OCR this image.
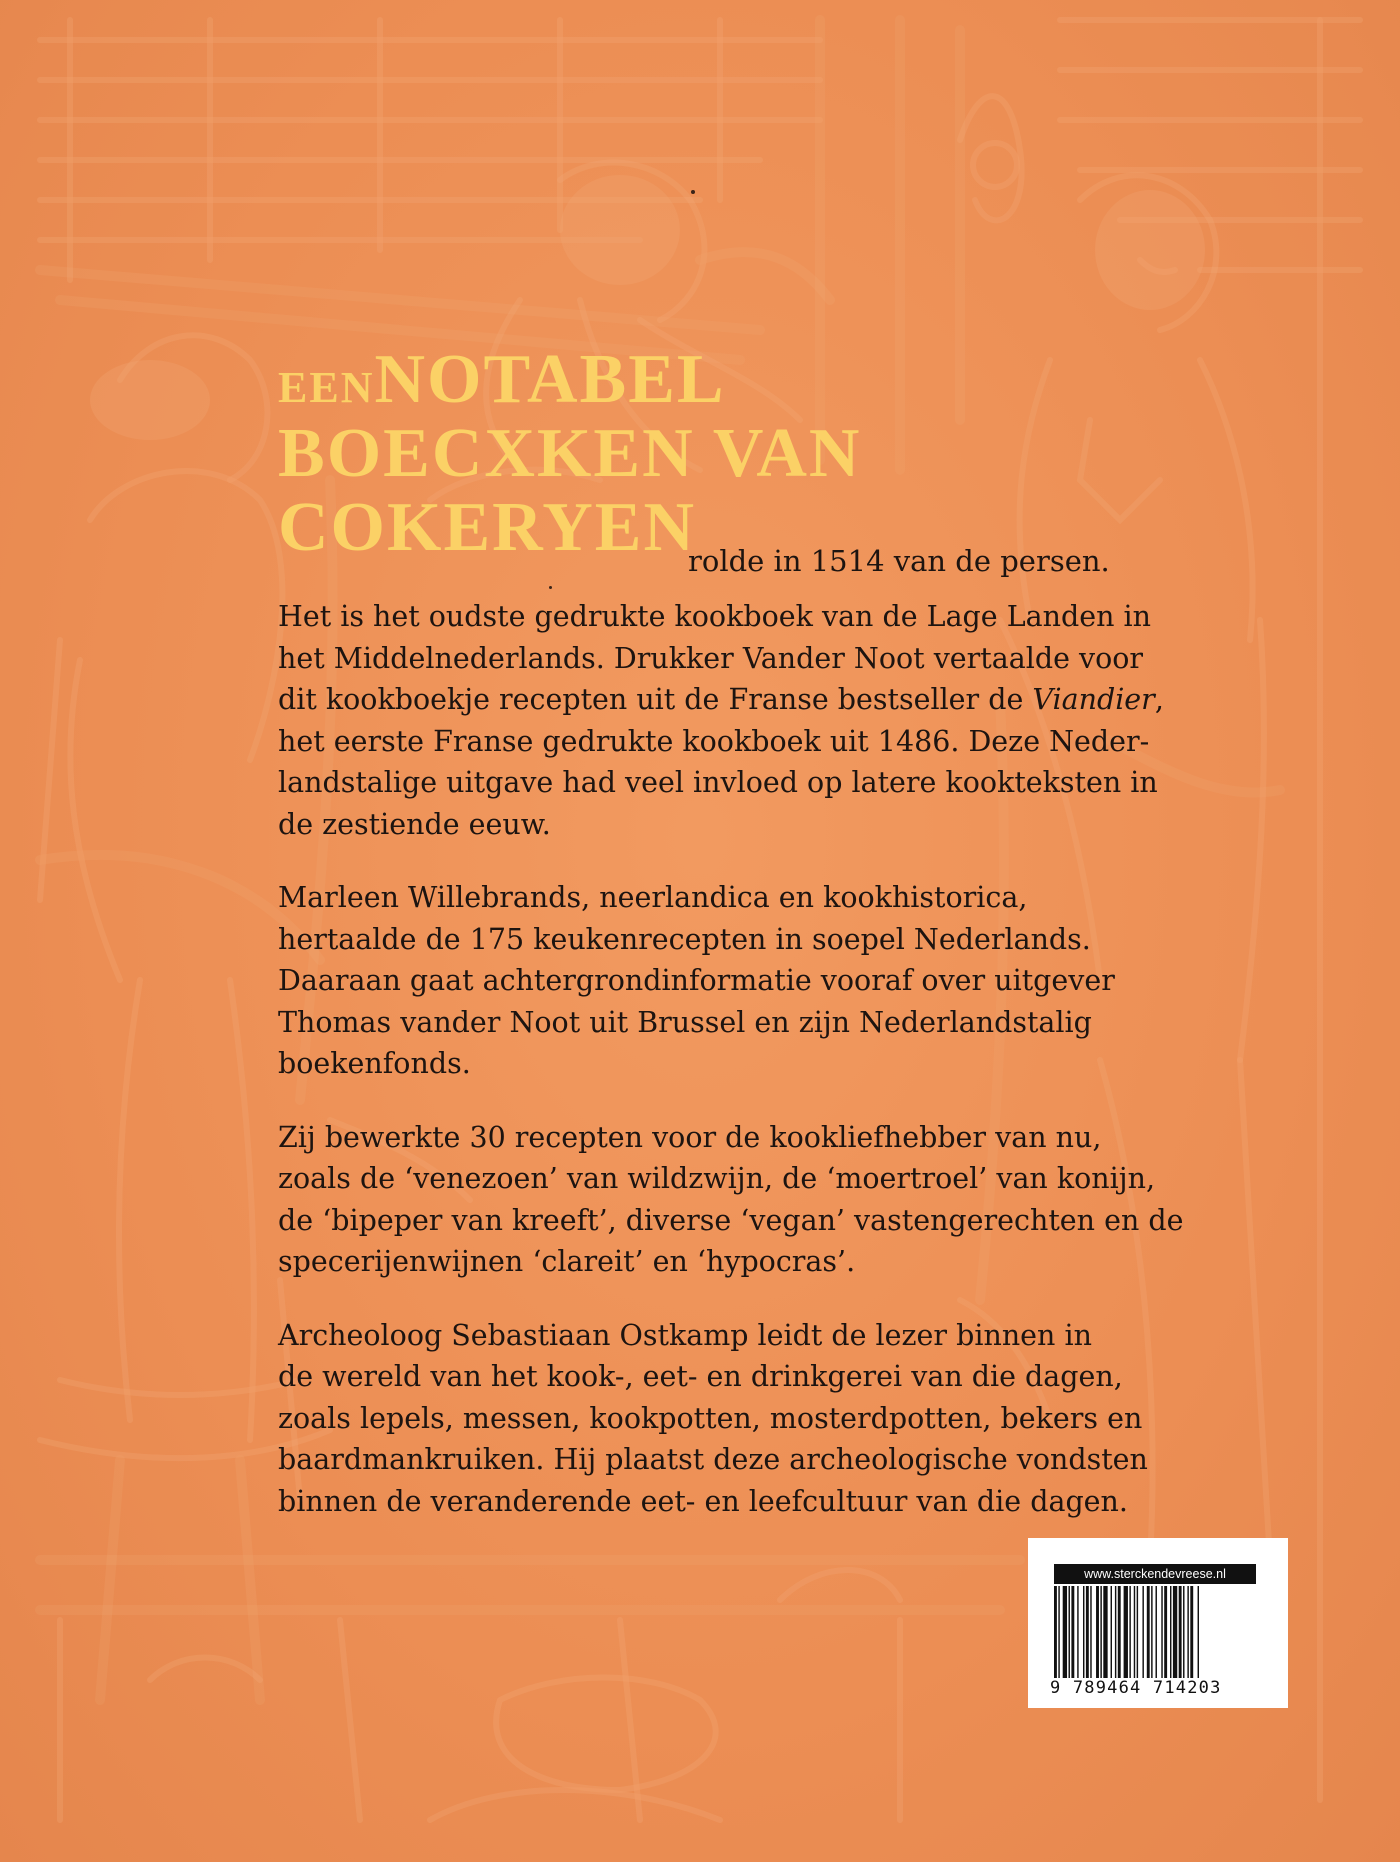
EENNOTABEL
BOECXKEN VAN
COKERYEN
rolde in 1514 van de persen.

Het is het oudste gedrukte kookboek van de Lage Landen in
het Middelnederlands. Drukker Vander Noot vertaalde voor
dit kookboekje recepten uit de Franse bestseller de Viandier,
het eerste Franse gedrukte kookboek uit 1486. Deze Neder-
landstalige uitgave had veel invloed op latere kookteksten in
de zestiende eeuw.

Marleen Willebrands, neerlandica en kookhistorica,
hertaalde de 175 keukenrecepten in soepel Nederlands.
Daaraan gaat achtergrondinformatie vooraf over uitgever
Thomas vander Noot uit Brussel en zijn Nederlandstalig
boekenfonds.

Zij bewerkte 30 recepten voor de kookliefhebber van nu,
zoals de ‘venezoen’ van wildzwijn, de ‘moertroel’ van konijn,
de ‘bipeper van kreeft’, diverse ‘vegan’ vastengerechten en de
specerijenwijnen ‘clareit’ en ‘hypocras’.

Archeoloog Sebastiaan Ostkamp leidt de lezer binnen in
de wereld van het kook-, eet- en drinkgerei van die dagen,
zoals lepels, messen, kookpotten, mosterdpotten, bekers en
baardmankruiken. Hij plaatst deze archeologische vondsten
binnen de veranderende eet- en leefcultuur van die dagen.

www.sterckendevreese.nl
9 789464 714203
